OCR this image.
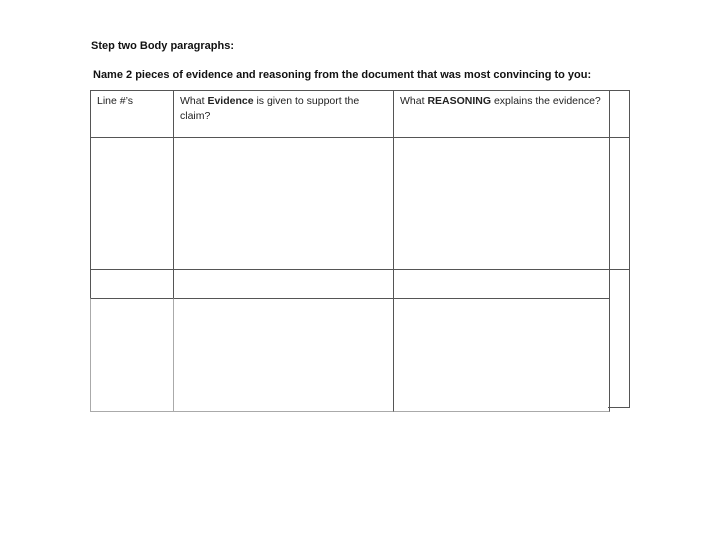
Step two Body paragraphs:
Name 2 pieces of evidence and reasoning from the document that was most convincing to you:
Line #’s	What Evidence is given to support the claim?
What REASONING explains the evidence?
